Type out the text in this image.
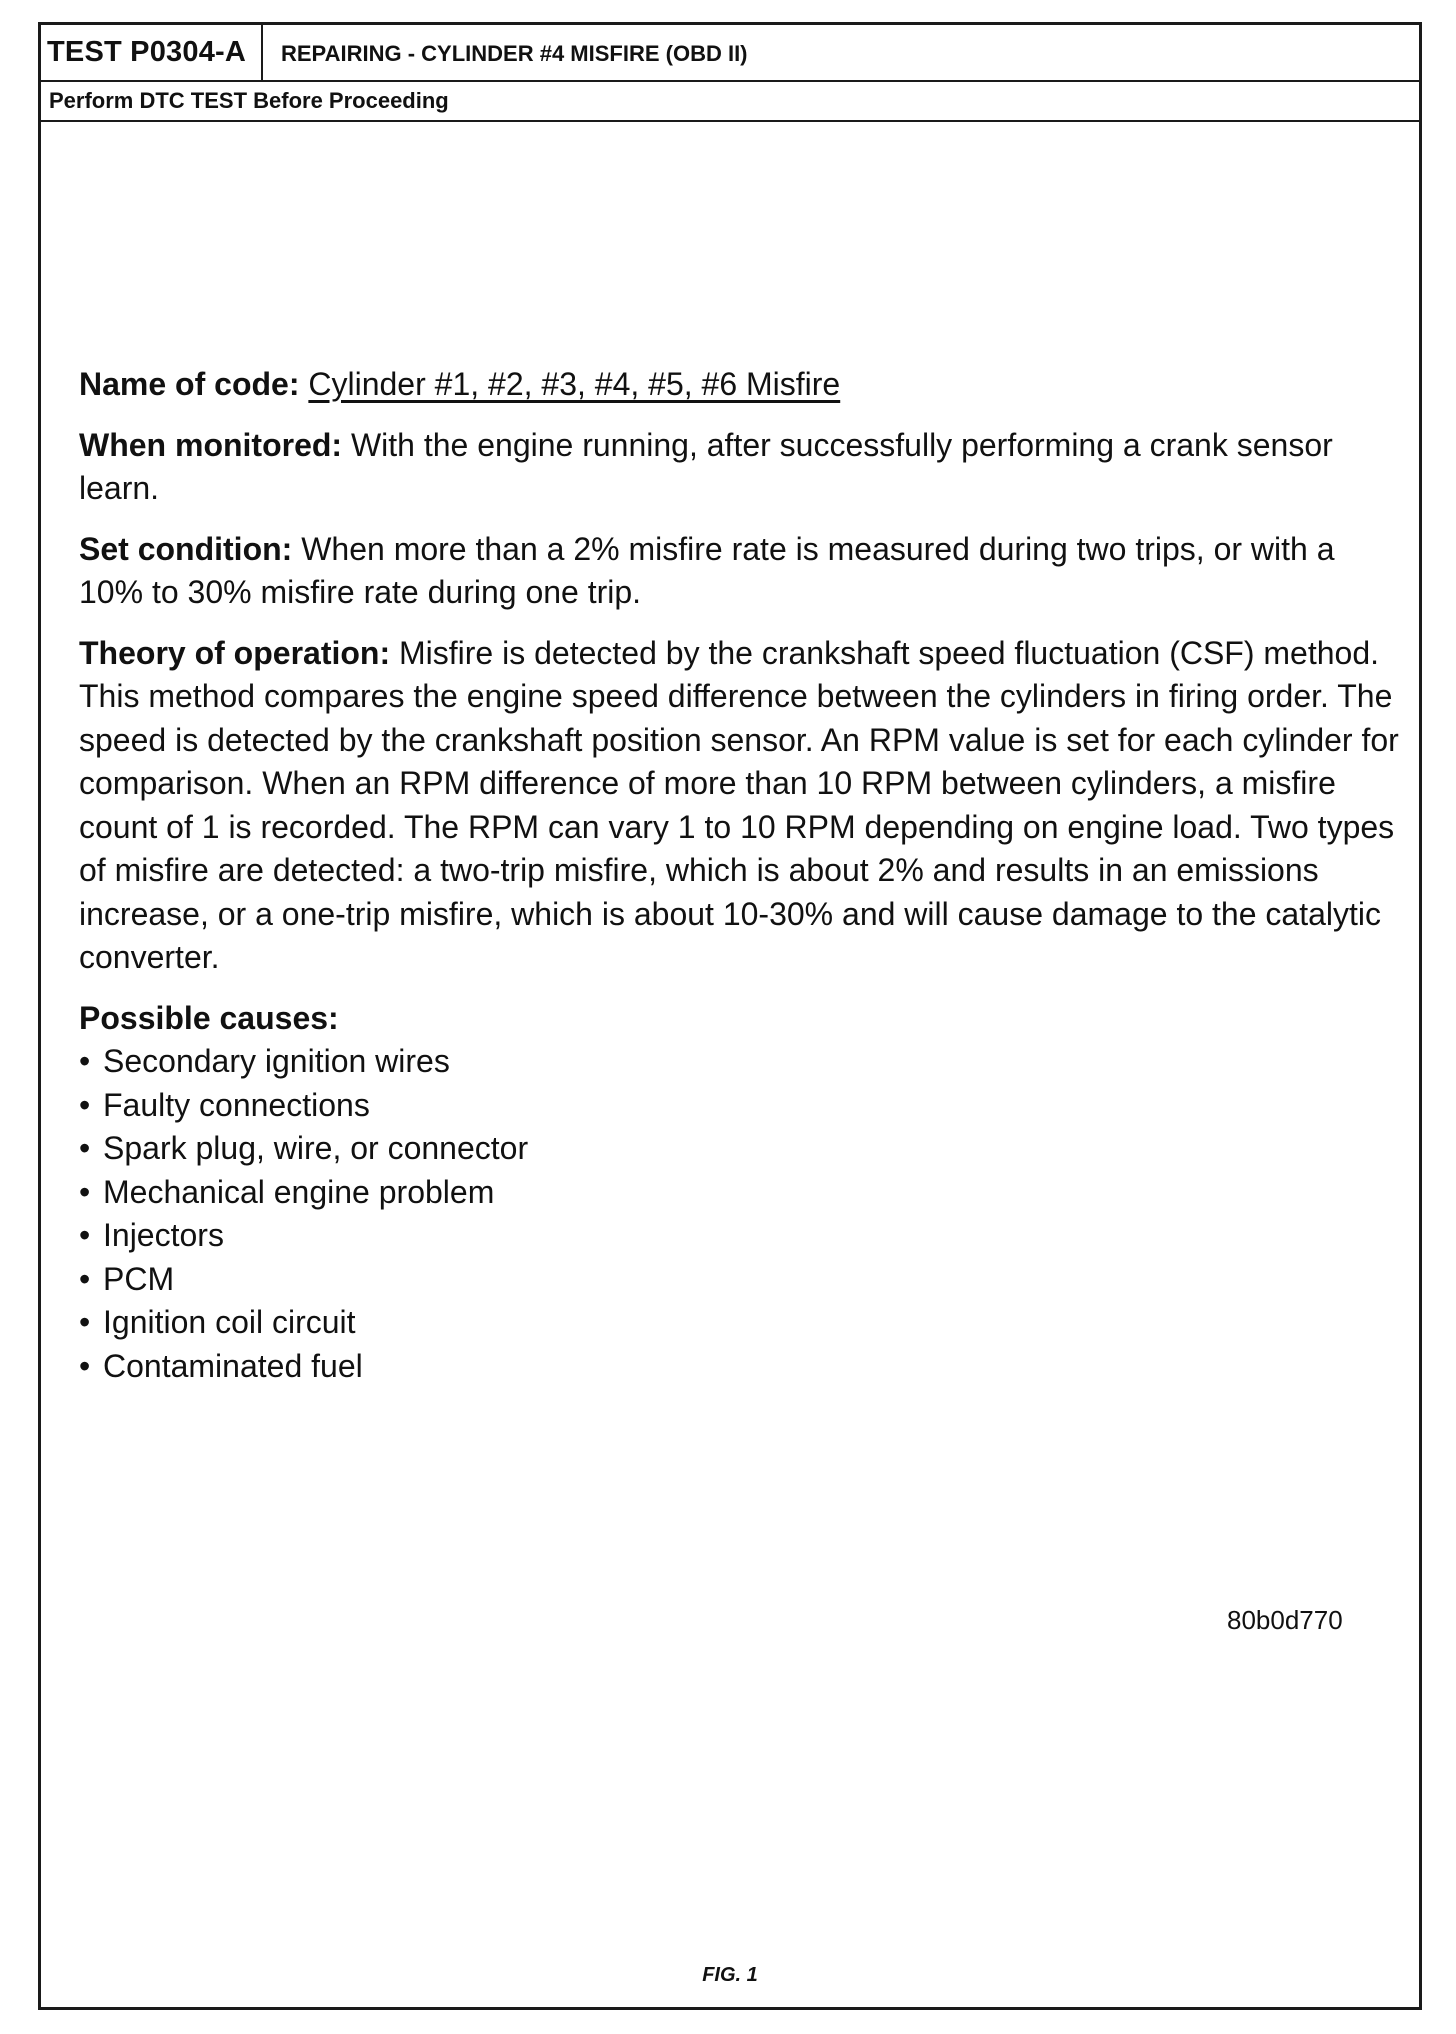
TEST P0304-A	REPAIRING - CYLINDER #4 MISFIRE (OBD II)
Perform DTC TEST Before Proceeding

Name of code: Cylinder #1, #2, #3, #4, #5, #6 Misfire

When monitored: With the engine running, after successfully performing a crank sensor learn.

Set condition: When more than a 2% misfire rate is measured during two trips, or with a 10% to 30% misfire rate during one trip.

Theory of operation: Misfire is detected by the crankshaft speed fluctuation (CSF) method. This method compares the engine speed difference between the cylinders in firing order. The speed is detected by the crankshaft position sensor. An RPM value is set for each cylinder for comparison. When an RPM difference of more than 10 RPM between cylinders, a misfire count of 1 is recorded. The RPM can vary 1 to 10 RPM depending on engine load. Two types of misfire are detected: a two-trip misfire, which is about 2% and results in an emissions increase, or a one-trip misfire, which is about 10-30% and will cause damage to the catalytic converter.

Possible causes:
• Secondary ignition wires
• Faulty connections
• Spark plug, wire, or connector
• Mechanical engine problem
• Injectors
• PCM
• Ignition coil circuit
• Contaminated fuel
80b0d770
FIG. 1
